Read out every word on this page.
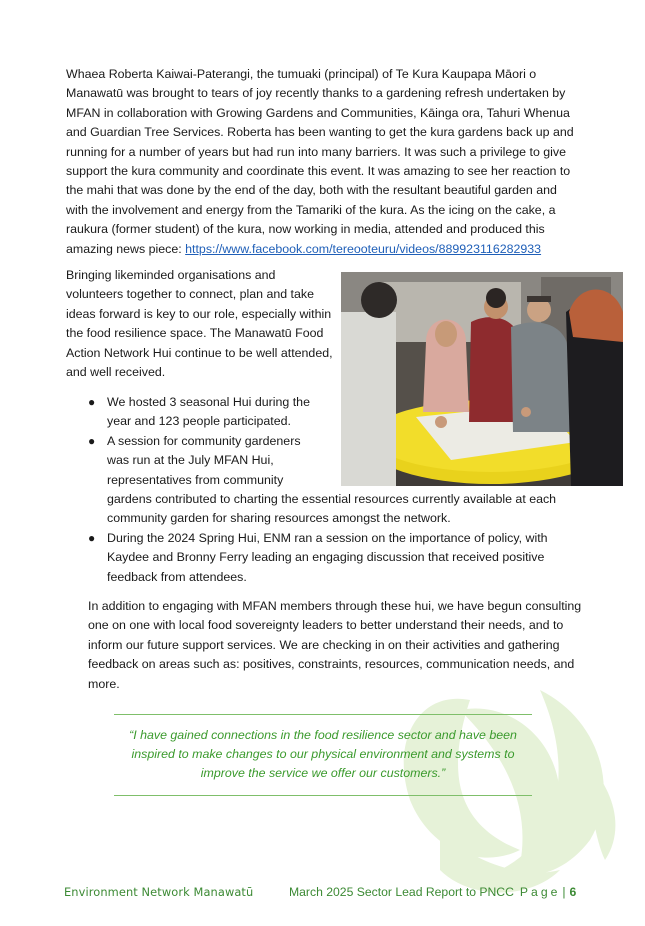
Whaea Roberta Kaiwai-Paterangi, the tumuaki (principal) of Te Kura Kaupapa Māori o Manawatū was brought to tears of joy recently thanks to a gardening refresh undertaken by MFAN in collaboration with Growing Gardens and Communities, Kāinga ora, Tahuri Whenua and Guardian Tree Services. Roberta has been wanting to get the kura gardens back up and running for a number of years but had run into many barriers. It was such a privilege to give support the kura community and coordinate this event. It was amazing to see her reaction to the mahi that was done by the end of the day, both with the resultant beautiful garden and with the involvement and energy from the Tamariki of the kura. As the icing on the cake, a raukura (former student) of the kura, now working in media, attended and produced this amazing news piece: https://www.facebook.com/tereooteuru/videos/889923116282933

Bringing likeminded organisations and volunteers together to connect, plan and take ideas forward is key to our role, especially within the food resilience space. The Manawatū Food Action Network Hui continue to be well attended, and well received.

● We hosted 3 seasonal Hui during the year and 123 people participated.
● A session for community gardeners was run at the July MFAN Hui, representatives from community
gardens contributed to charting the essential resources currently available at each community garden for sharing resources amongst the network.
● During the 2024 Spring Hui, ENM ran a session on the importance of policy, with Kaydee and Bronny Ferry leading an engaging discussion that received positive feedback from attendees.

In addition to engaging with MFAN members through these hui, we have begun consulting one on one with local food sovereignty leaders to better understand their needs, and to inform our future support services. We are checking in on their activities and gathering feedback on areas such as: positives, constraints, resources, communication needs, and more.

“I have gained connections in the food resilience sector and have been inspired to make changes to our physical environment and systems to improve the service we offer our customers.”

Environment Network Manawatū	March 2025 Sector Lead Report to PNCC Page | 6
